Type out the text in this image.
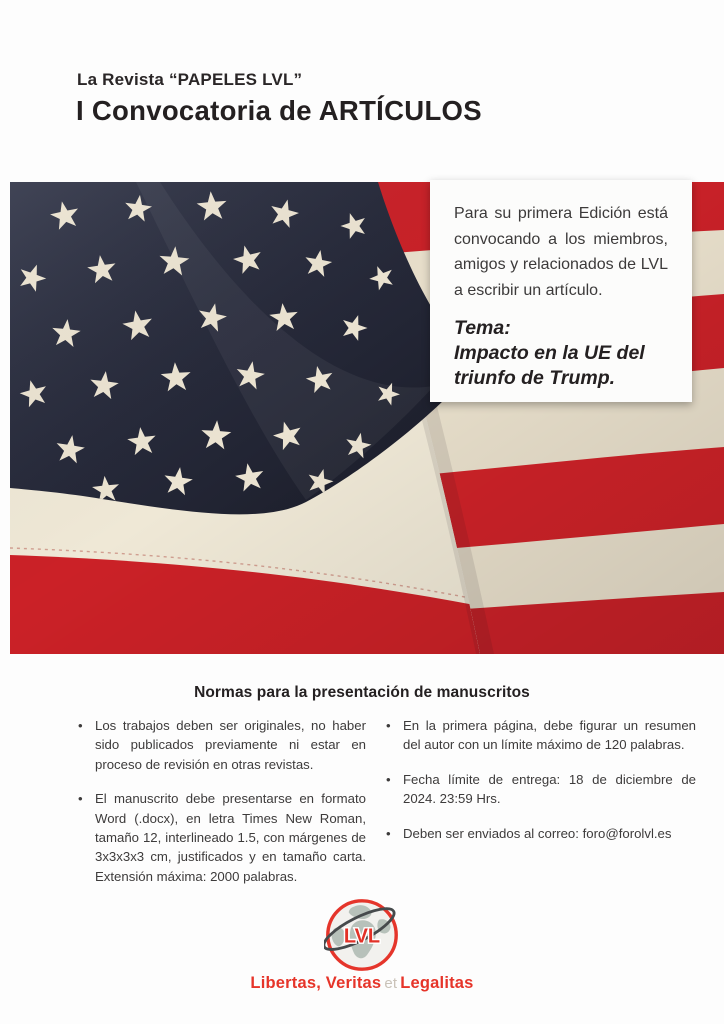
La Revista “PAPELES LVL”
I Convocatoria de ARTÍCULOS
Para su primera Edición está convocando a los miembros, amigos y relacionados de LVL a escribir un artículo.
Tema:
Impacto en la UE del triunfo de Trump.
Normas para la presentación de manuscritos
• Los trabajos deben ser originales, no haber sido publicados previamente ni estar en proceso de revisión en otras revistas.
• El manuscrito debe presentarse en formato Word (.docx), en letra Times New Roman, tamaño 12, interlineado 1.5, con márgenes de 3x3x3x3 cm, justificados y en tamaño carta. Extensión máxima: 2000 palabras.
• En la primera página, debe figurar un resumen del autor con un límite máximo de 120 palabras.
• Fecha límite de entrega: 18 de diciembre de 2024. 23:59 Hrs.
• Deben ser enviados al correo: foro@forolvl.es
LVL
Libertas, Veritas et Legalitas
